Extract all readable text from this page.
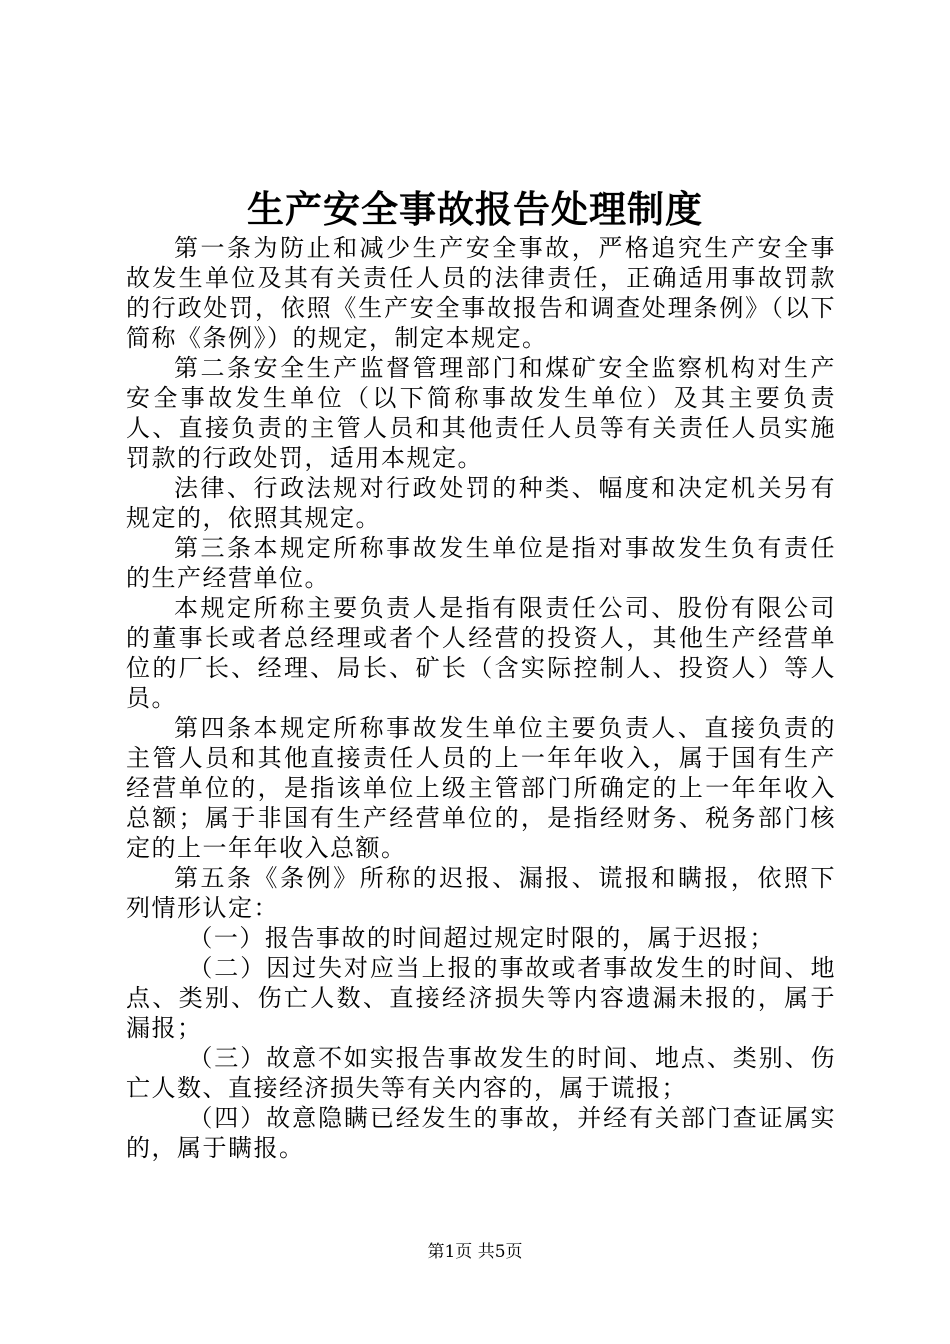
生产安全事故报告处理制度

第一条为防止和减少生产安全事故，严格追究生产安全事故发生单位及其有关责任人员的法律责任，正确适用事故罚款的行政处罚，依照《生产安全事故报告和调查处理条例》（以下简称《条例》）的规定，制定本规定。

第二条安全生产监督管理部门和煤矿安全监察机构对生产安全事故发生单位（以下简称事故发生单位）及其主要负责人、直接负责的主管人员和其他责任人员等有关责任人员实施罚款的行政处罚，适用本规定。

法律、行政法规对行政处罚的种类、幅度和决定机关另有规定的，依照其规定。

第三条本规定所称事故发生单位是指对事故发生负有责任的生产经营单位。

本规定所称主要负责人是指有限责任公司、股份有限公司的董事长或者总经理或者个人经营的投资人，其他生产经营单位的厂长、经理、局长、矿长（含实际控制人、投资人）等人员。

第四条本规定所称事故发生单位主要负责人、直接负责的主管人员和其他直接责任人员的上一年年收入，属于国有生产经营单位的，是指该单位上级主管部门所确定的上一年年收入总额；属于非国有生产经营单位的，是指经财务、税务部门核定的上一年年收入总额。

第五条《条例》所称的迟报、漏报、谎报和瞒报，依照下列情形认定：

（一）报告事故的时间超过规定时限的，属于迟报；

（二）因过失对应当上报的事故或者事故发生的时间、地点、类别、伤亡人数、直接经济损失等内容遗漏未报的，属于漏报；

（三）故意不如实报告事故发生的时间、地点、类别、伤亡人数、直接经济损失等有关内容的，属于谎报；

（四）故意隐瞒已经发生的事故，并经有关部门查证属实的，属于瞒报。

第1页 共5页
